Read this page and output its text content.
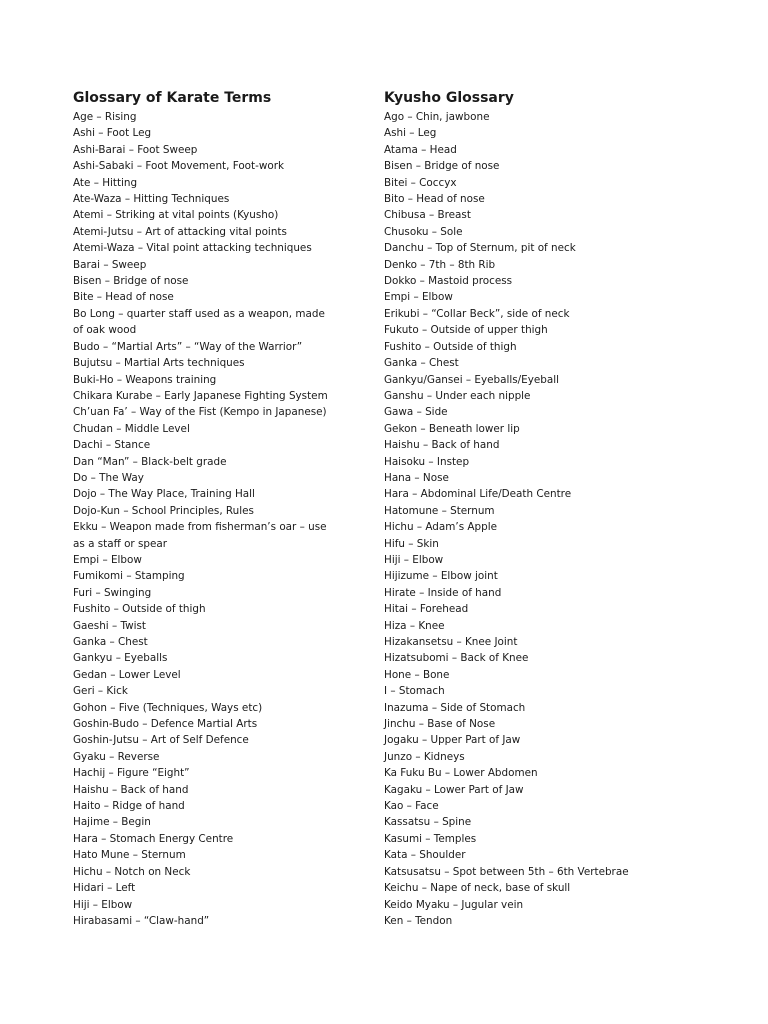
Glossary of Karate Terms
Age – Rising
Ashi – Foot Leg
Ashi-Barai – Foot Sweep
Ashi-Sabaki – Foot Movement, Foot-work
Ate – Hitting
Ate-Waza – Hitting Techniques
Atemi – Striking at vital points (Kyusho)
Atemi-Jutsu – Art of attacking vital points
Atemi-Waza – Vital point attacking techniques
Barai – Sweep
Bisen – Bridge of nose
Bite – Head of nose
Bo Long – quarter staff used as a weapon, made
of oak wood
Budo – “Martial Arts” – “Way of the Warrior”
Bujutsu – Martial Arts techniques
Buki-Ho – Weapons training
Chikara Kurabe – Early Japanese Fighting System
Ch’uan Fa’ – Way of the Fist (Kempo in Japanese)
Chudan – Middle Level
Dachi – Stance
Dan “Man” – Black-belt grade
Do – The Way
Dojo – The Way Place, Training Hall
Dojo-Kun – School Principles, Rules
Ekku – Weapon made from fisherman’s oar – use
as a staff or spear
Empi – Elbow
Fumikomi – Stamping
Furi – Swinging
Fushito – Outside of thigh
Gaeshi – Twist
Ganka – Chest
Gankyu – Eyeballs
Gedan – Lower Level
Geri – Kick
Gohon – Five (Techniques, Ways etc)
Goshin-Budo – Defence Martial Arts
Goshin-Jutsu – Art of Self Defence
Gyaku – Reverse
Hachij – Figure “Eight”
Haishu – Back of hand
Haito – Ridge of hand
Hajime – Begin
Hara – Stomach Energy Centre
Hato Mune – Sternum
Hichu – Notch on Neck
Hidari – Left
Hiji – Elbow
Hirabasami – “Claw-hand”
Kyusho Glossary
Ago – Chin, jawbone
Ashi – Leg
Atama – Head
Bisen – Bridge of nose
Bitei – Coccyx
Bito – Head of nose
Chibusa – Breast
Chusoku – Sole
Danchu – Top of Sternum, pit of neck
Denko – 7th – 8th Rib
Dokko – Mastoid process
Empi – Elbow
Erikubi – “Collar Beck”, side of neck
Fukuto – Outside of upper thigh
Fushito – Outside of thigh
Ganka – Chest
Gankyu/Gansei – Eyeballs/Eyeball
Ganshu – Under each nipple
Gawa – Side
Gekon – Beneath lower lip
Haishu – Back of hand
Haisoku – Instep
Hana – Nose
Hara – Abdominal Life/Death Centre
Hatomune – Sternum
Hichu – Adam’s Apple
Hifu – Skin
Hiji – Elbow
Hijizume – Elbow joint
Hirate – Inside of hand
Hitai – Forehead
Hiza – Knee
Hizakansetsu – Knee Joint
Hizatsubomi – Back of Knee
Hone – Bone
I – Stomach
Inazuma – Side of Stomach
Jinchu – Base of Nose
Jogaku – Upper Part of Jaw
Junzo – Kidneys
Ka Fuku Bu – Lower Abdomen
Kagaku – Lower Part of Jaw
Kao – Face
Kassatsu – Spine
Kasumi – Temples
Kata – Shoulder
Katsusatsu – Spot between 5th – 6th Vertebrae
Keichu – Nape of neck, base of skull
Keido Myaku – Jugular vein
Ken – Tendon
